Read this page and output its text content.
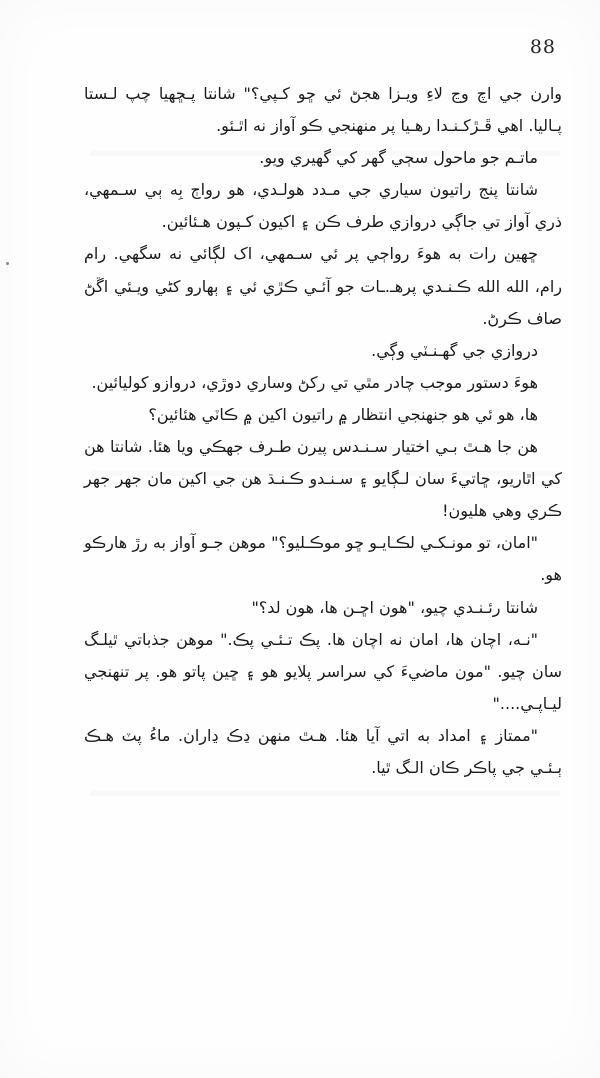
88

وارن جي اچ وڃ لاءِ ويـزا هجڻ ئي ڇو کـپي؟" شانتا پـڇهيا چپ لـستا پـاليا. اهي ڦـڙکـنـدا رهـيا پر منهنجي ڪو آواز نه اٿـئو.

ماتـم جو ماحول سڄي گهر کي گهيري ويو.

شانتا پنج راتيون سياري جي مـدد هولـدي، هو رواڄ بِه ٻي سـمهي، ذري آواز تي جاڳي دروازي طرف ڪن ۽ اکيون کـپون هـئائين.

ڇهين رات به هوءَ رواڄي پر ئي سـمهي، اک لڳائي نه سگهي. رام رام، الله الله ڪـنـدي پرهـ.ـات جو آئـي ڪڙي ئي ۽ ٻهارو کڻي ويـئي اڱڻ صاف ڪرڻ.

دروازي جي گهـنـٽي وڳي.

هوءَ دستور موجب چادر مٿي تي رکڻ وساري دوڙي، دروازو کوليائين.

ها، هو ئي هو جنهنجي انتظار ۾ راتيون اکين ۾ ڪاٽي هئائين؟

هن جا هـٿ بـي اختيار سـنـدس پيرن طـرف جهڪي ويا هئا. شانتا هن کي اٿاريو، ڇاتيءَ سان لـڳايو ۽ سـنـدو ڪـنـڌ هن جي اکين مان جهر جهر ڪري وهي هليون!

"امان، تو مونـکـي لڪـايـو ڇو موڪـليو؟" موهن جـو آواز به رڙ هارڪو هو.

شانتا رئـنـدي چيو، "هون اڇـن ها، هون لد؟"

"نـه، اچان ها، امان نه اچان ها. پڪ تـئـي پڪ." موهن جذباتي ٿيلـگ سان چيو. "مون ماضيءَ کي سراسر پلايو هو ۽ ڇين پاتو هو. پر تنهنجي ليـاپـي...."

"ممتاز ۽ امداد به اتي آيا هئا. هـٿ منهن ڍڪ ڍاران. ماءُ پٽ هـڪ ٻـئـي جي پاڪر ڪان الـگ ٿيا.
